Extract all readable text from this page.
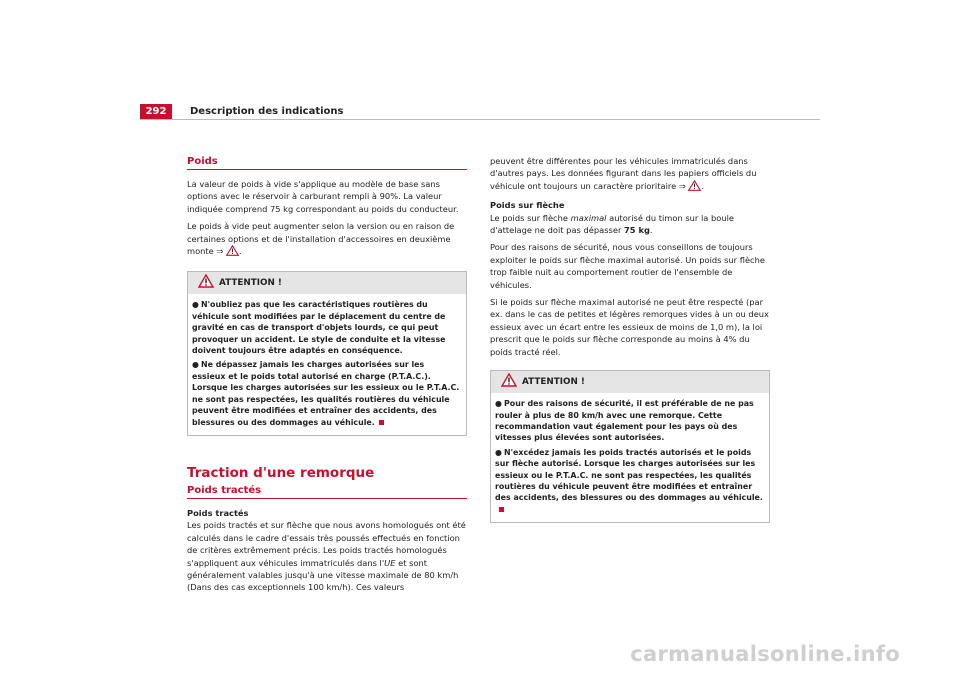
292	Description des indications
Poids

La valeur de poids à vide s'applique au modèle de base sans options avec le réservoir à carburant rempli à 90%. La valeur indiquée comprend 75 kg correspondant au poids du conducteur.

Le poids à vide peut augmenter selon la version ou en raison de certaines options et de l'installation d'accessoires en deuxième monte ⇒ .

ATTENTION !
● N'oubliez pas que les caractéristiques routières du véhicule sont modifiées par le déplacement du centre de gravité en cas de transport d'objets lourds, ce qui peut provoquer un accident. Le style de conduite et la vitesse doivent toujours être adaptés en conséquence.
● Ne dépassez jamais les charges autorisées sur les essieux et le poids total autorisé en charge (P.T.A.C.). Lorsque les charges autorisées sur les essieux ou le P.T.A.C. ne sont pas respectées, les qualités routières du véhicule peuvent être modifiées et entraîner des accidents, des blessures ou des dommages au véhicule.
Traction d'une remorque
Poids tractés

Poids tractés

Les poids tractés et sur flèche que nous avons homologués ont été calculés dans le cadre d'essais très poussés effectués en fonction de critères extrêmement précis. Les poids tractés homologués s'appliquent aux véhicules immatriculés dans l'UE et sont généralement valables jusqu'à une vitesse maximale de 80 km/h (Dans des cas exceptionnels 100 km/h). Ces valeurs

peuvent être différentes pour les véhicules immatriculés dans d'autres pays. Les données figurant dans les papiers officiels du véhicule ont toujours un caractère prioritaire ⇒ .

Poids sur flèche

Le poids sur flèche maximal autorisé du timon sur la boule d'attelage ne doit pas dépasser 75 kg.

Pour des raisons de sécurité, nous vous conseillons de toujours exploiter le poids sur flèche maximal autorisé. Un poids sur flèche trop faible nuit au comportement routier de l'ensemble de véhicules.

Si le poids sur flèche maximal autorisé ne peut être respecté (par ex. dans le cas de petites et légères remorques vides à un ou deux essieux avec un écart entre les essieux de moins de 1,0 m), la loi prescrit que le poids sur flèche corresponde au moins à 4% du poids tracté réel.

ATTENTION !
● Pour des raisons de sécurité, il est préférable de ne pas rouler à plus de 80 km/h avec une remorque. Cette recommandation vaut également pour les pays où des vitesses plus élevées sont autorisées.
● N'excédez jamais les poids tractés autorisés et le poids sur flèche autorisé. Lorsque les charges autorisées sur les essieux ou le P.T.A.C. ne sont pas respectées, les qualités routières du véhicule peuvent être modifiées et entraîner des accidents, des blessures ou des dommages au véhicule.
carmanualsonline.info
